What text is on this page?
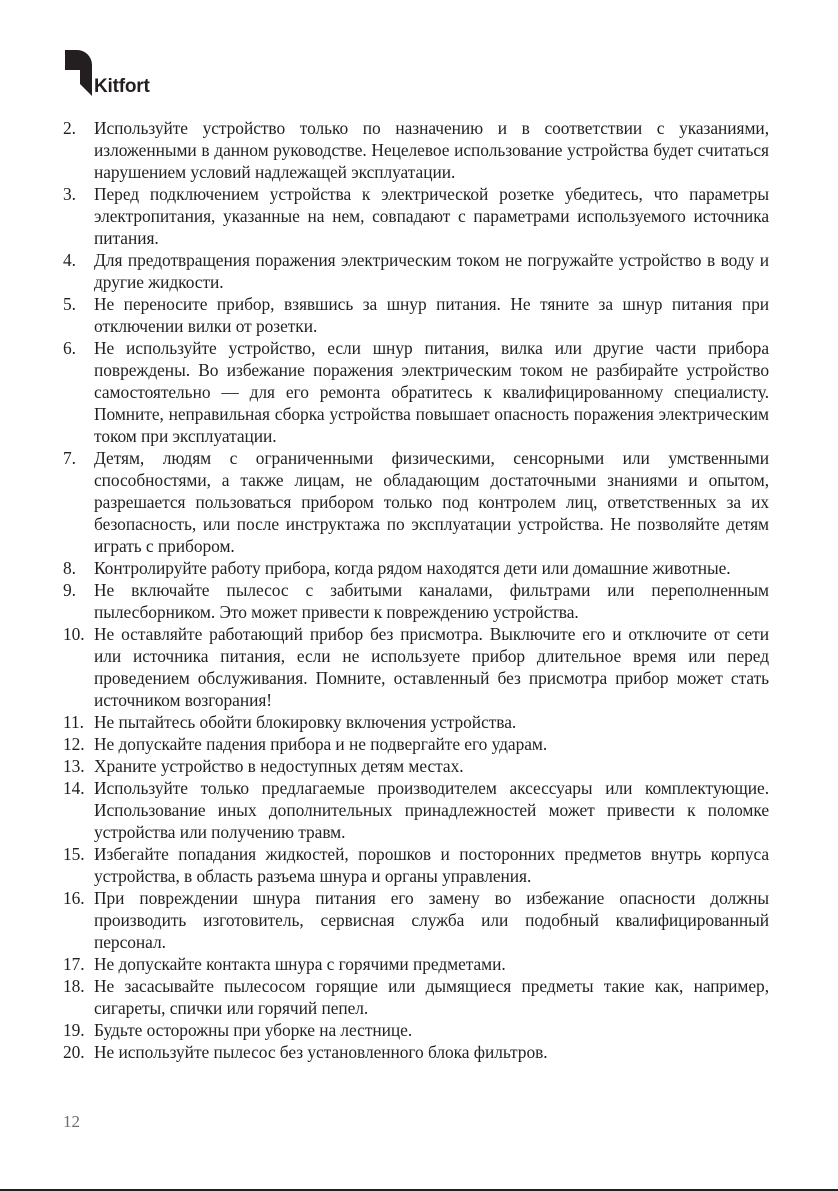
Kitfort
2. Используйте устройство только по назначению и в соответствии с указаниями, изложенными в данном руководстве. Нецелевое использование устройства будет считаться нарушением условий надлежащей эксплуатации.
3. Перед подключением устройства к электрической розетке убедитесь, что параметры электропитания, указанные на нем, совпадают с параметрами используемого источника питания.
4. Для предотвращения поражения электрическим током не погружайте устройство в воду и другие жидкости.
5. Не переносите прибор, взявшись за шнур питания. Не тяните за шнур питания при отключении вилки от розетки.
6. Не используйте устройство, если шнур питания, вилка или другие части прибора повреждены. Во избежание поражения электрическим током не разбирайте устройство самостоятельно — для его ремонта обратитесь к квалифицированному специалисту. Помните, неправильная сборка устройства повышает опасность поражения электрическим током при эксплуатации.
7. Детям, людям с ограниченными физическими, сенсорными или умственными способностями, а также лицам, не обладающим достаточными знаниями и опытом, разрешается пользоваться прибором только под контролем лиц, ответственных за их безопасность, или после инструктажа по эксплуатации устройства. Не позволяйте детям играть с прибором.
8. Контролируйте работу прибора, когда рядом находятся дети или домашние животные.
9. Не включайте пылесос с забитыми каналами, фильтрами или переполненным пылесборником. Это может привести к повреждению устройства.
10. Не оставляйте работающий прибор без присмотра. Выключите его и отключите от сети или источника питания, если не используете прибор длительное время или перед проведением обслуживания. Помните, оставленный без присмотра прибор может стать источником возгорания!
11. Не пытайтесь обойти блокировку включения устройства.
12. Не допускайте падения прибора и не подвергайте его ударам.
13. Храните устройство в недоступных детям местах.
14. Используйте только предлагаемые производителем аксессуары или комплектующие. Использование иных дополнительных принадлежностей может привести к поломке устройства или получению травм.
15. Избегайте попадания жидкостей, порошков и посторонних предметов внутрь корпуса устройства, в область разъема шнура и органы управления.
16. При повреждении шнура питания его замену во избежание опасности должны производить изготовитель, сервисная служба или подобный квалифицированный персонал.
17. Не допускайте контакта шнура с горячими предметами.
18. Не засасывайте пылесосом горящие или дымящиеся предметы такие как, например, сигареты, спички или горячий пепел.
19. Будьте осторожны при уборке на лестнице.
20. Не используйте пылесос без установленного блока фильтров.
12
